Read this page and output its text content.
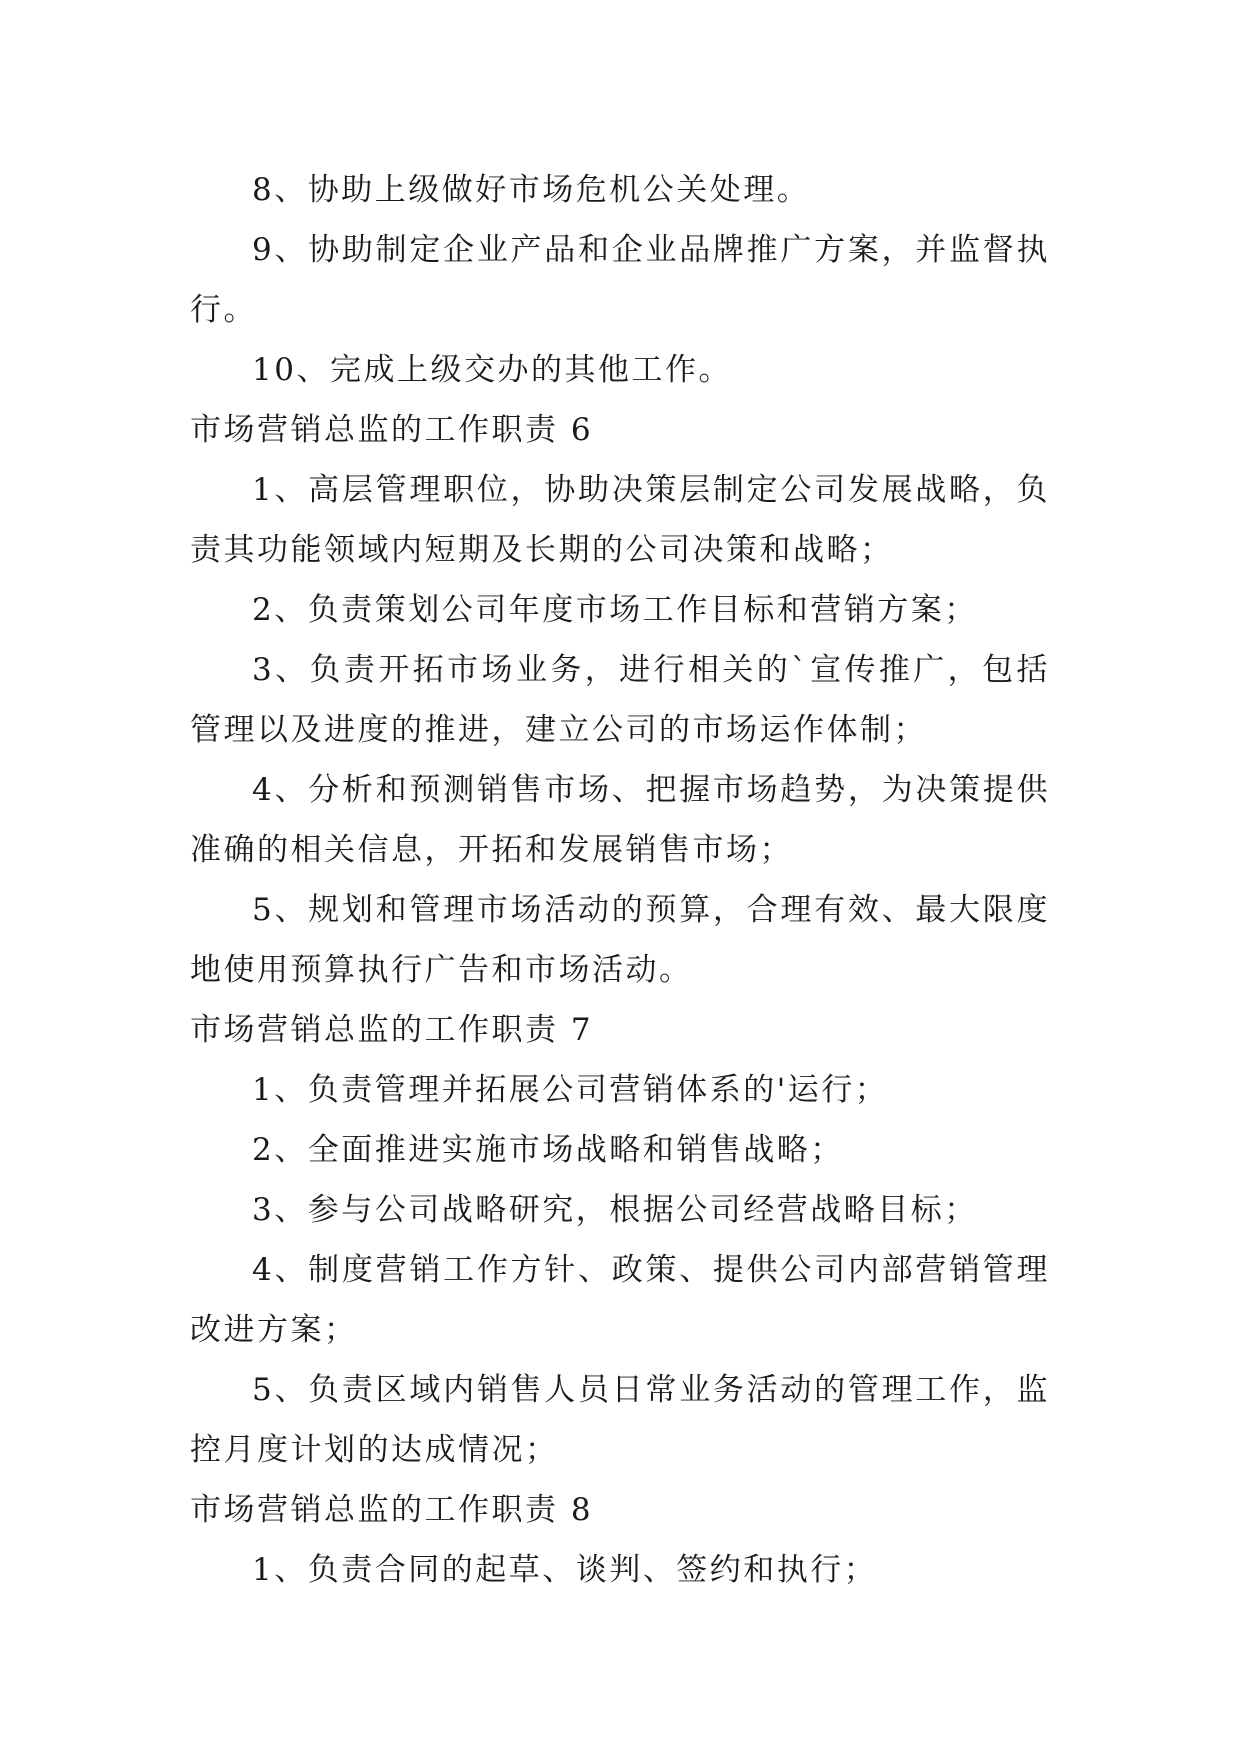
8、协助上级做好市场危机公关处理。

9、协助制定企业产品和企业品牌推广方案，并监督执行。

10、完成上级交办的其他工作。

市场营销总监的工作职责 6

1、高层管理职位，协助决策层制定公司发展战略，负责其功能领域内短期及长期的公司决策和战略；

2、负责策划公司年度市场工作目标和营销方案；

3、负责开拓市场业务，进行相关的`宣传推广，包括管理以及进度的推进，建立公司的市场运作体制；

4、分析和预测销售市场、把握市场趋势，为决策提供准确的相关信息，开拓和发展销售市场；

5、规划和管理市场活动的预算，合理有效、最大限度地使用预算执行广告和市场活动。

市场营销总监的工作职责 7

1、负责管理并拓展公司营销体系的'运行；

2、全面推进实施市场战略和销售战略；

3、参与公司战略研究，根据公司经营战略目标；

4、制度营销工作方针、政策、提供公司内部营销管理改进方案；

5、负责区域内销售人员日常业务活动的管理工作，监控月度计划的达成情况；

市场营销总监的工作职责 8

1、负责合同的起草、谈判、签约和执行；
